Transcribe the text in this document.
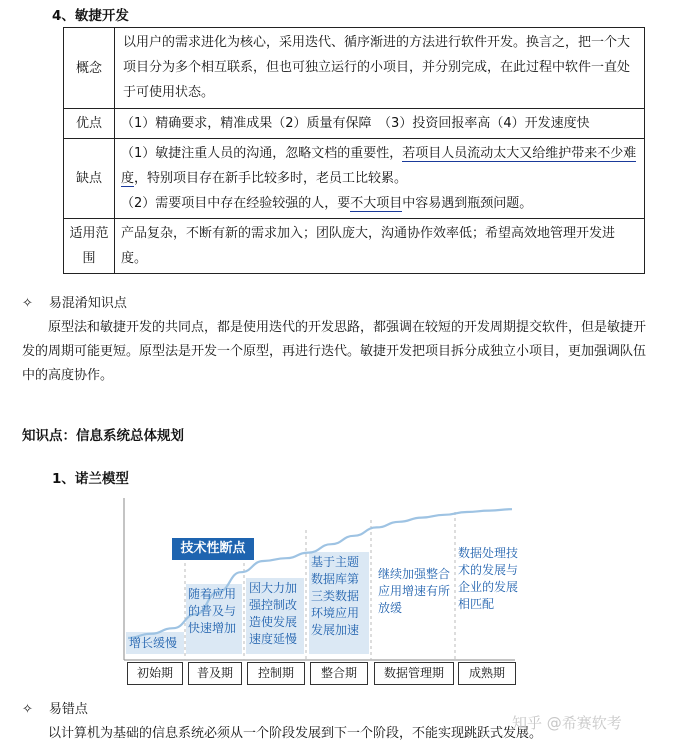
4、敏捷开发
概念	以用户的需求进化为核心，采用迭代、循序渐进的方法进行软件开发。换言之，把一个大项目分为多个相互联系，但也可独立运行的小项目，并分别完成，在此过程中软件一直处于可使用状态。
优点	（1）精确要求，精准成果（2）质量有保障　（3）投资回报率高（4）开发速度快
缺点	（1）敏捷注重人员的沟通，忽略文档的重要性，若项目人员流动太大又给维护带来不少难度，特别项目存在新手比较多时，老员工比较累。
（2）需要项目中存在经验较强的人，要不大项目中容易遇到瓶颈问题。

适用范围	产品复杂，不断有新的需求加入；团队庞大，沟通协作效率低；希望高效地管理开发进度。
✧ 易混淆知识点
原型法和敏捷开发的共同点，都是使用迭代的开发思路，都强调在较短的开发周期提交软件，但是敏捷开发的周期可能更短。原型法是开发一个原型，再进行迭代。敏捷开发把项目拆分成独立小项目，更加强调队伍中的高度协作。
知识点：信息系统总体规划
1、诺兰模型
技术性断点
增长缓慢
随着应用的普及与快速增加
因大力加强控制改造使发展速度延慢
基于主题数据库第三类数据环境应用发展加速
继续加强整合应用增速有所放缓
数据处理技术的发展与企业的发展相匹配
初始期	普及期	控制期	整合期	数据管理期	成熟期
✧ 易错点
以计算机为基础的信息系统必须从一个阶段发展到下一个阶段，不能实现跳跃式发展。
知乎 @希赛软考
